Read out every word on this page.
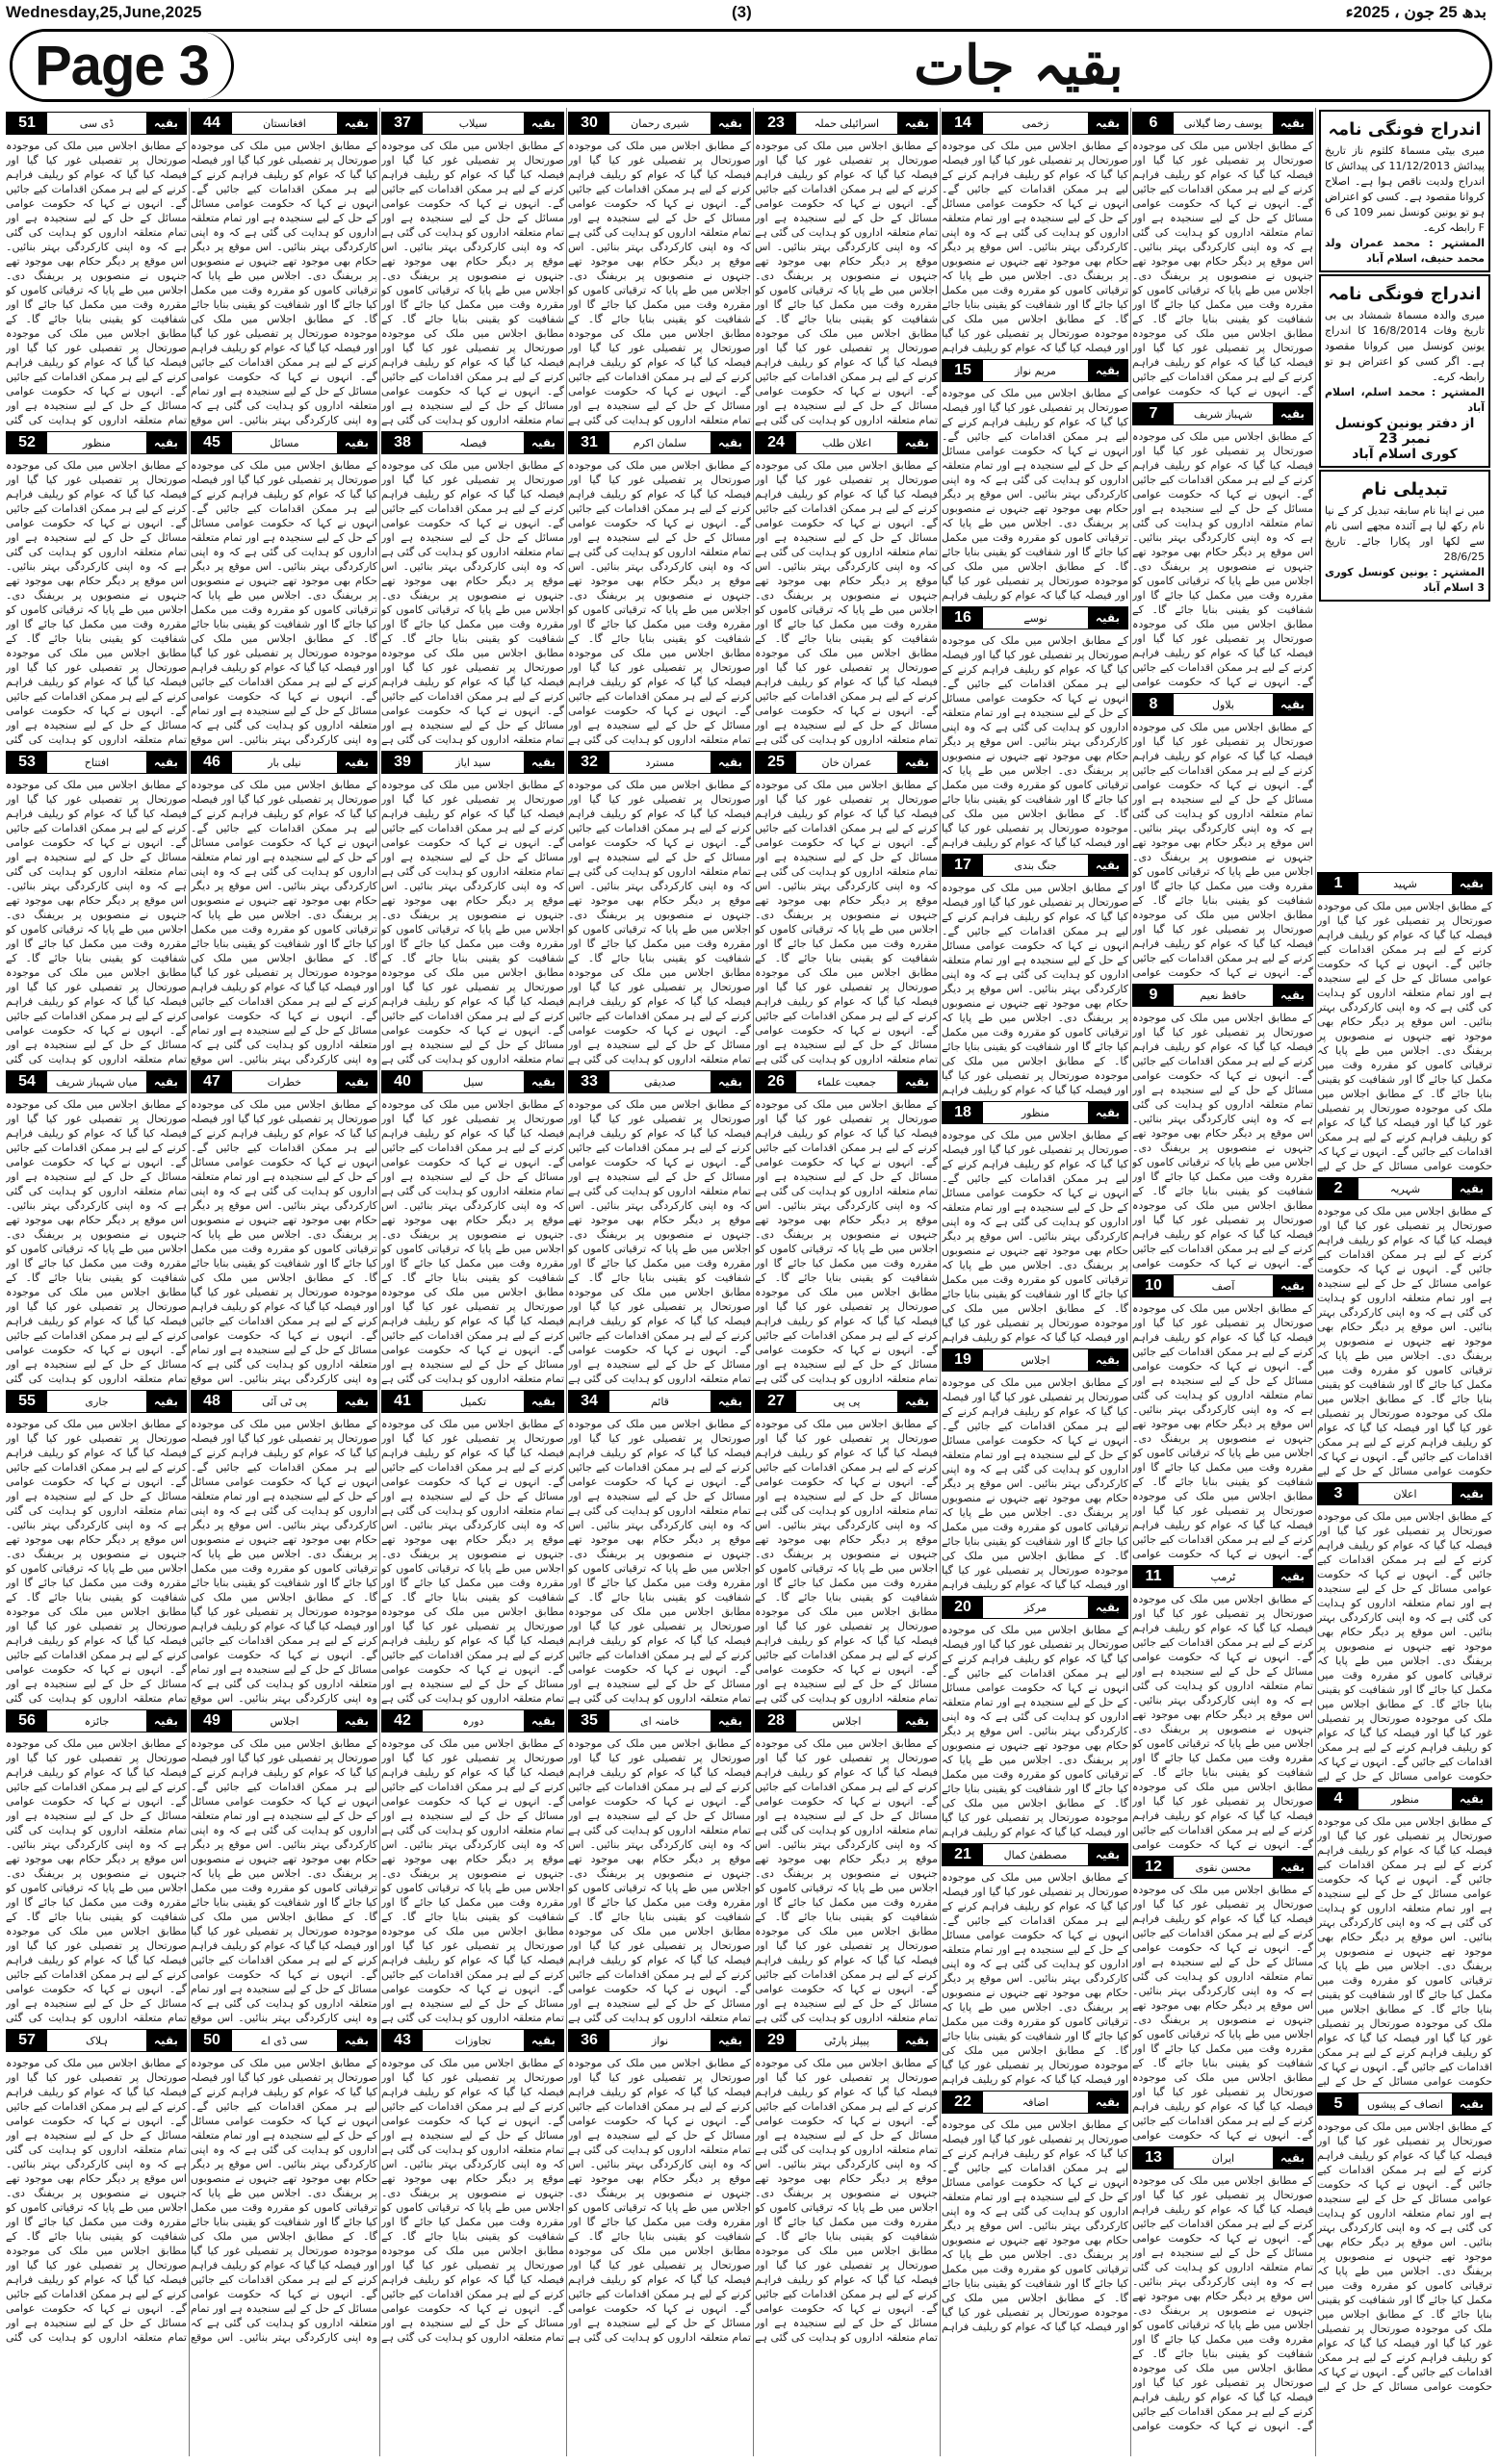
Wednesday,25,June,2025	(3)	بدھ 25 جون ، 2025ء
Page 3	بقیہ جات
اندراج فونگی نامہ

میری بیٹی مسماۃ کلثوم ناز تاریخ پیدائش 11/12/2013 کی پیدائش کا اندراج ولدیت ناقص ہوا ہے۔ اصلاح کروانا مقصود ہے۔ کسی کو اعتراض ہو تو یونین کونسل نمبر 109 کی 6 F رابطہ کرے۔

المشتہر : محمد عمران ولد محمد حنیف، اسلام آباد

اندراج فونگی نامہ

میری والدہ مسماۃ شمشاد بی بی تاریخ وفات 16/8/2014 کا اندراج یونین کونسل میں کروانا مقصود ہے۔ اگر کسی کو اعتراض ہو تو رابطہ کرے۔

المشتہر : محمد اسلم، اسلام آباد

از دفتر یونین کونسل نمبر 23

کوری اسلام آباد

تبدیلی نام

میں نے اپنا نام سابقہ تبدیل کر کے نیا نام رکھ لیا ہے آئندہ مجھے اسی نام سے لکھا اور پکارا جائے۔ تاریخ 28/6/25

المشتہر : یونین کونسل کوری 3 اسلام آباد

بقیہ
شہید
1
کے مطابق اجلاس میں ملک کی موجودہ صورتحال پر تفصیلی غور کیا گیا اور فیصلہ کیا گیا کہ عوام کو ریلیف فراہم کرنے کے لیے ہر ممکن اقدامات کیے جائیں گے۔ انہوں نے کہا کہ حکومت عوامی مسائل کے حل کے لیے سنجیدہ ہے اور تمام متعلقہ اداروں کو ہدایت کی گئی ہے کہ وہ اپنی کارکردگی بہتر بنائیں۔ اس موقع پر دیگر حکام بھی موجود تھے جنہوں نے منصوبوں پر بریفنگ دی۔ اجلاس میں طے پایا کہ ترقیاتی کاموں کو مقررہ وقت میں مکمل کیا جائے گا اور شفافیت کو یقینی بنایا جائے گا۔ کے مطابق اجلاس میں ملک کی موجودہ صورتحال پر تفصیلی غور کیا گیا اور فیصلہ کیا گیا کہ عوام کو ریلیف فراہم کرنے کے لیے ہر ممکن اقدامات کیے جائیں گے۔ انہوں نے کہا کہ حکومت عوامی مسائل کے حل کے لیے
بقیہ
شہریہ
2
کے مطابق اجلاس میں ملک کی موجودہ صورتحال پر تفصیلی غور کیا گیا اور فیصلہ کیا گیا کہ عوام کو ریلیف فراہم کرنے کے لیے ہر ممکن اقدامات کیے جائیں گے۔ انہوں نے کہا کہ حکومت عوامی مسائل کے حل کے لیے سنجیدہ ہے اور تمام متعلقہ اداروں کو ہدایت کی گئی ہے کہ وہ اپنی کارکردگی بہتر بنائیں۔ اس موقع پر دیگر حکام بھی موجود تھے جنہوں نے منصوبوں پر بریفنگ دی۔ اجلاس میں طے پایا کہ ترقیاتی کاموں کو مقررہ وقت میں مکمل کیا جائے گا اور شفافیت کو یقینی بنایا جائے گا۔ کے مطابق اجلاس میں ملک کی موجودہ صورتحال پر تفصیلی غور کیا گیا اور فیصلہ کیا گیا کہ عوام کو ریلیف فراہم کرنے کے لیے ہر ممکن اقدامات کیے جائیں گے۔ انہوں نے کہا کہ حکومت عوامی مسائل کے حل کے لیے
بقیہ
اعلان
3
کے مطابق اجلاس میں ملک کی موجودہ صورتحال پر تفصیلی غور کیا گیا اور فیصلہ کیا گیا کہ عوام کو ریلیف فراہم کرنے کے لیے ہر ممکن اقدامات کیے جائیں گے۔ انہوں نے کہا کہ حکومت عوامی مسائل کے حل کے لیے سنجیدہ ہے اور تمام متعلقہ اداروں کو ہدایت کی گئی ہے کہ وہ اپنی کارکردگی بہتر بنائیں۔ اس موقع پر دیگر حکام بھی موجود تھے جنہوں نے منصوبوں پر بریفنگ دی۔ اجلاس میں طے پایا کہ ترقیاتی کاموں کو مقررہ وقت میں مکمل کیا جائے گا اور شفافیت کو یقینی بنایا جائے گا۔ کے مطابق اجلاس میں ملک کی موجودہ صورتحال پر تفصیلی غور کیا گیا اور فیصلہ کیا گیا کہ عوام کو ریلیف فراہم کرنے کے لیے ہر ممکن اقدامات کیے جائیں گے۔ انہوں نے کہا کہ حکومت عوامی مسائل کے حل کے لیے
بقیہ
منظور
4
کے مطابق اجلاس میں ملک کی موجودہ صورتحال پر تفصیلی غور کیا گیا اور فیصلہ کیا گیا کہ عوام کو ریلیف فراہم کرنے کے لیے ہر ممکن اقدامات کیے جائیں گے۔ انہوں نے کہا کہ حکومت عوامی مسائل کے حل کے لیے سنجیدہ ہے اور تمام متعلقہ اداروں کو ہدایت کی گئی ہے کہ وہ اپنی کارکردگی بہتر بنائیں۔ اس موقع پر دیگر حکام بھی موجود تھے جنہوں نے منصوبوں پر بریفنگ دی۔ اجلاس میں طے پایا کہ ترقیاتی کاموں کو مقررہ وقت میں مکمل کیا جائے گا اور شفافیت کو یقینی بنایا جائے گا۔ کے مطابق اجلاس میں ملک کی موجودہ صورتحال پر تفصیلی غور کیا گیا اور فیصلہ کیا گیا کہ عوام کو ریلیف فراہم کرنے کے لیے ہر ممکن اقدامات کیے جائیں گے۔ انہوں نے کہا کہ حکومت عوامی مسائل کے حل کے لیے
بقیہ
انصاف کے پیشوں
5
کے مطابق اجلاس میں ملک کی موجودہ صورتحال پر تفصیلی غور کیا گیا اور فیصلہ کیا گیا کہ عوام کو ریلیف فراہم کرنے کے لیے ہر ممکن اقدامات کیے جائیں گے۔ انہوں نے کہا کہ حکومت عوامی مسائل کے حل کے لیے سنجیدہ ہے اور تمام متعلقہ اداروں کو ہدایت کی گئی ہے کہ وہ اپنی کارکردگی بہتر بنائیں۔ اس موقع پر دیگر حکام بھی موجود تھے جنہوں نے منصوبوں پر بریفنگ دی۔ اجلاس میں طے پایا کہ ترقیاتی کاموں کو مقررہ وقت میں مکمل کیا جائے گا اور شفافیت کو یقینی بنایا جائے گا۔ کے مطابق اجلاس میں ملک کی موجودہ صورتحال پر تفصیلی غور کیا گیا اور فیصلہ کیا گیا کہ عوام کو ریلیف فراہم کرنے کے لیے ہر ممکن اقدامات کیے جائیں گے۔ انہوں نے کہا کہ حکومت عوامی مسائل کے حل کے لیے
بقیہ
یوسف رضا گیلانی
6
کے مطابق اجلاس میں ملک کی موجودہ صورتحال پر تفصیلی غور کیا گیا اور فیصلہ کیا گیا کہ عوام کو ریلیف فراہم کرنے کے لیے ہر ممکن اقدامات کیے جائیں گے۔ انہوں نے کہا کہ حکومت عوامی مسائل کے حل کے لیے سنجیدہ ہے اور تمام متعلقہ اداروں کو ہدایت کی گئی ہے کہ وہ اپنی کارکردگی بہتر بنائیں۔ اس موقع پر دیگر حکام بھی موجود تھے جنہوں نے منصوبوں پر بریفنگ دی۔ اجلاس میں طے پایا کہ ترقیاتی کاموں کو مقررہ وقت میں مکمل کیا جائے گا اور شفافیت کو یقینی بنایا جائے گا۔ کے مطابق اجلاس میں ملک کی موجودہ صورتحال پر تفصیلی غور کیا گیا اور فیصلہ کیا گیا کہ عوام کو ریلیف فراہم کرنے کے لیے ہر ممکن اقدامات کیے جائیں گے۔ انہوں نے کہا کہ حکومت عوامی
بقیہ
شہباز شریف
7
کے مطابق اجلاس میں ملک کی موجودہ صورتحال پر تفصیلی غور کیا گیا اور فیصلہ کیا گیا کہ عوام کو ریلیف فراہم کرنے کے لیے ہر ممکن اقدامات کیے جائیں گے۔ انہوں نے کہا کہ حکومت عوامی مسائل کے حل کے لیے سنجیدہ ہے اور تمام متعلقہ اداروں کو ہدایت کی گئی ہے کہ وہ اپنی کارکردگی بہتر بنائیں۔ اس موقع پر دیگر حکام بھی موجود تھے جنہوں نے منصوبوں پر بریفنگ دی۔ اجلاس میں طے پایا کہ ترقیاتی کاموں کو مقررہ وقت میں مکمل کیا جائے گا اور شفافیت کو یقینی بنایا جائے گا۔ کے مطابق اجلاس میں ملک کی موجودہ صورتحال پر تفصیلی غور کیا گیا اور فیصلہ کیا گیا کہ عوام کو ریلیف فراہم کرنے کے لیے ہر ممکن اقدامات کیے جائیں گے۔ انہوں نے کہا کہ حکومت عوامی
بقیہ
بلاول
8
کے مطابق اجلاس میں ملک کی موجودہ صورتحال پر تفصیلی غور کیا گیا اور فیصلہ کیا گیا کہ عوام کو ریلیف فراہم کرنے کے لیے ہر ممکن اقدامات کیے جائیں گے۔ انہوں نے کہا کہ حکومت عوامی مسائل کے حل کے لیے سنجیدہ ہے اور تمام متعلقہ اداروں کو ہدایت کی گئی ہے کہ وہ اپنی کارکردگی بہتر بنائیں۔ اس موقع پر دیگر حکام بھی موجود تھے جنہوں نے منصوبوں پر بریفنگ دی۔ اجلاس میں طے پایا کہ ترقیاتی کاموں کو مقررہ وقت میں مکمل کیا جائے گا اور شفافیت کو یقینی بنایا جائے گا۔ کے مطابق اجلاس میں ملک کی موجودہ صورتحال پر تفصیلی غور کیا گیا اور فیصلہ کیا گیا کہ عوام کو ریلیف فراہم کرنے کے لیے ہر ممکن اقدامات کیے جائیں گے۔ انہوں نے کہا کہ حکومت عوامی
بقیہ
حافظ نعیم
9
کے مطابق اجلاس میں ملک کی موجودہ صورتحال پر تفصیلی غور کیا گیا اور فیصلہ کیا گیا کہ عوام کو ریلیف فراہم کرنے کے لیے ہر ممکن اقدامات کیے جائیں گے۔ انہوں نے کہا کہ حکومت عوامی مسائل کے حل کے لیے سنجیدہ ہے اور تمام متعلقہ اداروں کو ہدایت کی گئی ہے کہ وہ اپنی کارکردگی بہتر بنائیں۔ اس موقع پر دیگر حکام بھی موجود تھے جنہوں نے منصوبوں پر بریفنگ دی۔ اجلاس میں طے پایا کہ ترقیاتی کاموں کو مقررہ وقت میں مکمل کیا جائے گا اور شفافیت کو یقینی بنایا جائے گا۔ کے مطابق اجلاس میں ملک کی موجودہ صورتحال پر تفصیلی غور کیا گیا اور فیصلہ کیا گیا کہ عوام کو ریلیف فراہم کرنے کے لیے ہر ممکن اقدامات کیے جائیں گے۔ انہوں نے کہا کہ حکومت عوامی
بقیہ
آصف
10
کے مطابق اجلاس میں ملک کی موجودہ صورتحال پر تفصیلی غور کیا گیا اور فیصلہ کیا گیا کہ عوام کو ریلیف فراہم کرنے کے لیے ہر ممکن اقدامات کیے جائیں گے۔ انہوں نے کہا کہ حکومت عوامی مسائل کے حل کے لیے سنجیدہ ہے اور تمام متعلقہ اداروں کو ہدایت کی گئی ہے کہ وہ اپنی کارکردگی بہتر بنائیں۔ اس موقع پر دیگر حکام بھی موجود تھے جنہوں نے منصوبوں پر بریفنگ دی۔ اجلاس میں طے پایا کہ ترقیاتی کاموں کو مقررہ وقت میں مکمل کیا جائے گا اور شفافیت کو یقینی بنایا جائے گا۔ کے مطابق اجلاس میں ملک کی موجودہ صورتحال پر تفصیلی غور کیا گیا اور فیصلہ کیا گیا کہ عوام کو ریلیف فراہم کرنے کے لیے ہر ممکن اقدامات کیے جائیں گے۔ انہوں نے کہا کہ حکومت عوامی
بقیہ
ٹرمپ
11
کے مطابق اجلاس میں ملک کی موجودہ صورتحال پر تفصیلی غور کیا گیا اور فیصلہ کیا گیا کہ عوام کو ریلیف فراہم کرنے کے لیے ہر ممکن اقدامات کیے جائیں گے۔ انہوں نے کہا کہ حکومت عوامی مسائل کے حل کے لیے سنجیدہ ہے اور تمام متعلقہ اداروں کو ہدایت کی گئی ہے کہ وہ اپنی کارکردگی بہتر بنائیں۔ اس موقع پر دیگر حکام بھی موجود تھے جنہوں نے منصوبوں پر بریفنگ دی۔ اجلاس میں طے پایا کہ ترقیاتی کاموں کو مقررہ وقت میں مکمل کیا جائے گا اور شفافیت کو یقینی بنایا جائے گا۔ کے مطابق اجلاس میں ملک کی موجودہ صورتحال پر تفصیلی غور کیا گیا اور فیصلہ کیا گیا کہ عوام کو ریلیف فراہم کرنے کے لیے ہر ممکن اقدامات کیے جائیں گے۔ انہوں نے کہا کہ حکومت عوامی
بقیہ
محسن نقوی
12
کے مطابق اجلاس میں ملک کی موجودہ صورتحال پر تفصیلی غور کیا گیا اور فیصلہ کیا گیا کہ عوام کو ریلیف فراہم کرنے کے لیے ہر ممکن اقدامات کیے جائیں گے۔ انہوں نے کہا کہ حکومت عوامی مسائل کے حل کے لیے سنجیدہ ہے اور تمام متعلقہ اداروں کو ہدایت کی گئی ہے کہ وہ اپنی کارکردگی بہتر بنائیں۔ اس موقع پر دیگر حکام بھی موجود تھے جنہوں نے منصوبوں پر بریفنگ دی۔ اجلاس میں طے پایا کہ ترقیاتی کاموں کو مقررہ وقت میں مکمل کیا جائے گا اور شفافیت کو یقینی بنایا جائے گا۔ کے مطابق اجلاس میں ملک کی موجودہ صورتحال پر تفصیلی غور کیا گیا اور فیصلہ کیا گیا کہ عوام کو ریلیف فراہم کرنے کے لیے ہر ممکن اقدامات کیے جائیں گے۔ انہوں نے کہا کہ حکومت عوامی
بقیہ
ایران
13
کے مطابق اجلاس میں ملک کی موجودہ صورتحال پر تفصیلی غور کیا گیا اور فیصلہ کیا گیا کہ عوام کو ریلیف فراہم کرنے کے لیے ہر ممکن اقدامات کیے جائیں گے۔ انہوں نے کہا کہ حکومت عوامی مسائل کے حل کے لیے سنجیدہ ہے اور تمام متعلقہ اداروں کو ہدایت کی گئی ہے کہ وہ اپنی کارکردگی بہتر بنائیں۔ اس موقع پر دیگر حکام بھی موجود تھے جنہوں نے منصوبوں پر بریفنگ دی۔ اجلاس میں طے پایا کہ ترقیاتی کاموں کو مقررہ وقت میں مکمل کیا جائے گا اور شفافیت کو یقینی بنایا جائے گا۔ کے مطابق اجلاس میں ملک کی موجودہ صورتحال پر تفصیلی غور کیا گیا اور فیصلہ کیا گیا کہ عوام کو ریلیف فراہم کرنے کے لیے ہر ممکن اقدامات کیے جائیں گے۔ انہوں نے کہا کہ حکومت عوامی
بقیہ
زخمی
14
کے مطابق اجلاس میں ملک کی موجودہ صورتحال پر تفصیلی غور کیا گیا اور فیصلہ کیا گیا کہ عوام کو ریلیف فراہم کرنے کے لیے ہر ممکن اقدامات کیے جائیں گے۔ انہوں نے کہا کہ حکومت عوامی مسائل کے حل کے لیے سنجیدہ ہے اور تمام متعلقہ اداروں کو ہدایت کی گئی ہے کہ وہ اپنی کارکردگی بہتر بنائیں۔ اس موقع پر دیگر حکام بھی موجود تھے جنہوں نے منصوبوں پر بریفنگ دی۔ اجلاس میں طے پایا کہ ترقیاتی کاموں کو مقررہ وقت میں مکمل کیا جائے گا اور شفافیت کو یقینی بنایا جائے گا۔ کے مطابق اجلاس میں ملک کی موجودہ صورتحال پر تفصیلی غور کیا گیا اور فیصلہ کیا گیا کہ عوام کو ریلیف فراہم
بقیہ
مریم نواز
15
کے مطابق اجلاس میں ملک کی موجودہ صورتحال پر تفصیلی غور کیا گیا اور فیصلہ کیا گیا کہ عوام کو ریلیف فراہم کرنے کے لیے ہر ممکن اقدامات کیے جائیں گے۔ انہوں نے کہا کہ حکومت عوامی مسائل کے حل کے لیے سنجیدہ ہے اور تمام متعلقہ اداروں کو ہدایت کی گئی ہے کہ وہ اپنی کارکردگی بہتر بنائیں۔ اس موقع پر دیگر حکام بھی موجود تھے جنہوں نے منصوبوں پر بریفنگ دی۔ اجلاس میں طے پایا کہ ترقیاتی کاموں کو مقررہ وقت میں مکمل کیا جائے گا اور شفافیت کو یقینی بنایا جائے گا۔ کے مطابق اجلاس میں ملک کی موجودہ صورتحال پر تفصیلی غور کیا گیا اور فیصلہ کیا گیا کہ عوام کو ریلیف فراہم
بقیہ
نوسے
16
کے مطابق اجلاس میں ملک کی موجودہ صورتحال پر تفصیلی غور کیا گیا اور فیصلہ کیا گیا کہ عوام کو ریلیف فراہم کرنے کے لیے ہر ممکن اقدامات کیے جائیں گے۔ انہوں نے کہا کہ حکومت عوامی مسائل کے حل کے لیے سنجیدہ ہے اور تمام متعلقہ اداروں کو ہدایت کی گئی ہے کہ وہ اپنی کارکردگی بہتر بنائیں۔ اس موقع پر دیگر حکام بھی موجود تھے جنہوں نے منصوبوں پر بریفنگ دی۔ اجلاس میں طے پایا کہ ترقیاتی کاموں کو مقررہ وقت میں مکمل کیا جائے گا اور شفافیت کو یقینی بنایا جائے گا۔ کے مطابق اجلاس میں ملک کی موجودہ صورتحال پر تفصیلی غور کیا گیا اور فیصلہ کیا گیا کہ عوام کو ریلیف فراہم
بقیہ
جنگ بندی
17
کے مطابق اجلاس میں ملک کی موجودہ صورتحال پر تفصیلی غور کیا گیا اور فیصلہ کیا گیا کہ عوام کو ریلیف فراہم کرنے کے لیے ہر ممکن اقدامات کیے جائیں گے۔ انہوں نے کہا کہ حکومت عوامی مسائل کے حل کے لیے سنجیدہ ہے اور تمام متعلقہ اداروں کو ہدایت کی گئی ہے کہ وہ اپنی کارکردگی بہتر بنائیں۔ اس موقع پر دیگر حکام بھی موجود تھے جنہوں نے منصوبوں پر بریفنگ دی۔ اجلاس میں طے پایا کہ ترقیاتی کاموں کو مقررہ وقت میں مکمل کیا جائے گا اور شفافیت کو یقینی بنایا جائے گا۔ کے مطابق اجلاس میں ملک کی موجودہ صورتحال پر تفصیلی غور کیا گیا اور فیصلہ کیا گیا کہ عوام کو ریلیف فراہم
بقیہ
منظور
18
کے مطابق اجلاس میں ملک کی موجودہ صورتحال پر تفصیلی غور کیا گیا اور فیصلہ کیا گیا کہ عوام کو ریلیف فراہم کرنے کے لیے ہر ممکن اقدامات کیے جائیں گے۔ انہوں نے کہا کہ حکومت عوامی مسائل کے حل کے لیے سنجیدہ ہے اور تمام متعلقہ اداروں کو ہدایت کی گئی ہے کہ وہ اپنی کارکردگی بہتر بنائیں۔ اس موقع پر دیگر حکام بھی موجود تھے جنہوں نے منصوبوں پر بریفنگ دی۔ اجلاس میں طے پایا کہ ترقیاتی کاموں کو مقررہ وقت میں مکمل کیا جائے گا اور شفافیت کو یقینی بنایا جائے گا۔ کے مطابق اجلاس میں ملک کی موجودہ صورتحال پر تفصیلی غور کیا گیا اور فیصلہ کیا گیا کہ عوام کو ریلیف فراہم
بقیہ
اجلاس
19
کے مطابق اجلاس میں ملک کی موجودہ صورتحال پر تفصیلی غور کیا گیا اور فیصلہ کیا گیا کہ عوام کو ریلیف فراہم کرنے کے لیے ہر ممکن اقدامات کیے جائیں گے۔ انہوں نے کہا کہ حکومت عوامی مسائل کے حل کے لیے سنجیدہ ہے اور تمام متعلقہ اداروں کو ہدایت کی گئی ہے کہ وہ اپنی کارکردگی بہتر بنائیں۔ اس موقع پر دیگر حکام بھی موجود تھے جنہوں نے منصوبوں پر بریفنگ دی۔ اجلاس میں طے پایا کہ ترقیاتی کاموں کو مقررہ وقت میں مکمل کیا جائے گا اور شفافیت کو یقینی بنایا جائے گا۔ کے مطابق اجلاس میں ملک کی موجودہ صورتحال پر تفصیلی غور کیا گیا اور فیصلہ کیا گیا کہ عوام کو ریلیف فراہم
بقیہ
مرکز
20
کے مطابق اجلاس میں ملک کی موجودہ صورتحال پر تفصیلی غور کیا گیا اور فیصلہ کیا گیا کہ عوام کو ریلیف فراہم کرنے کے لیے ہر ممکن اقدامات کیے جائیں گے۔ انہوں نے کہا کہ حکومت عوامی مسائل کے حل کے لیے سنجیدہ ہے اور تمام متعلقہ اداروں کو ہدایت کی گئی ہے کہ وہ اپنی کارکردگی بہتر بنائیں۔ اس موقع پر دیگر حکام بھی موجود تھے جنہوں نے منصوبوں پر بریفنگ دی۔ اجلاس میں طے پایا کہ ترقیاتی کاموں کو مقررہ وقت میں مکمل کیا جائے گا اور شفافیت کو یقینی بنایا جائے گا۔ کے مطابق اجلاس میں ملک کی موجودہ صورتحال پر تفصیلی غور کیا گیا اور فیصلہ کیا گیا کہ عوام کو ریلیف فراہم
بقیہ
مصطفیٰ کمال
21
کے مطابق اجلاس میں ملک کی موجودہ صورتحال پر تفصیلی غور کیا گیا اور فیصلہ کیا گیا کہ عوام کو ریلیف فراہم کرنے کے لیے ہر ممکن اقدامات کیے جائیں گے۔ انہوں نے کہا کہ حکومت عوامی مسائل کے حل کے لیے سنجیدہ ہے اور تمام متعلقہ اداروں کو ہدایت کی گئی ہے کہ وہ اپنی کارکردگی بہتر بنائیں۔ اس موقع پر دیگر حکام بھی موجود تھے جنہوں نے منصوبوں پر بریفنگ دی۔ اجلاس میں طے پایا کہ ترقیاتی کاموں کو مقررہ وقت میں مکمل کیا جائے گا اور شفافیت کو یقینی بنایا جائے گا۔ کے مطابق اجلاس میں ملک کی موجودہ صورتحال پر تفصیلی غور کیا گیا اور فیصلہ کیا گیا کہ عوام کو ریلیف فراہم
بقیہ
اضافہ
22
کے مطابق اجلاس میں ملک کی موجودہ صورتحال پر تفصیلی غور کیا گیا اور فیصلہ کیا گیا کہ عوام کو ریلیف فراہم کرنے کے لیے ہر ممکن اقدامات کیے جائیں گے۔ انہوں نے کہا کہ حکومت عوامی مسائل کے حل کے لیے سنجیدہ ہے اور تمام متعلقہ اداروں کو ہدایت کی گئی ہے کہ وہ اپنی کارکردگی بہتر بنائیں۔ اس موقع پر دیگر حکام بھی موجود تھے جنہوں نے منصوبوں پر بریفنگ دی۔ اجلاس میں طے پایا کہ ترقیاتی کاموں کو مقررہ وقت میں مکمل کیا جائے گا اور شفافیت کو یقینی بنایا جائے گا۔ کے مطابق اجلاس میں ملک کی موجودہ صورتحال پر تفصیلی غور کیا گیا اور فیصلہ کیا گیا کہ عوام کو ریلیف فراہم
بقیہ
اسرائیلی حملہ
23
کے مطابق اجلاس میں ملک کی موجودہ صورتحال پر تفصیلی غور کیا گیا اور فیصلہ کیا گیا کہ عوام کو ریلیف فراہم کرنے کے لیے ہر ممکن اقدامات کیے جائیں گے۔ انہوں نے کہا کہ حکومت عوامی مسائل کے حل کے لیے سنجیدہ ہے اور تمام متعلقہ اداروں کو ہدایت کی گئی ہے کہ وہ اپنی کارکردگی بہتر بنائیں۔ اس موقع پر دیگر حکام بھی موجود تھے جنہوں نے منصوبوں پر بریفنگ دی۔ اجلاس میں طے پایا کہ ترقیاتی کاموں کو مقررہ وقت میں مکمل کیا جائے گا اور شفافیت کو یقینی بنایا جائے گا۔ کے مطابق اجلاس میں ملک کی موجودہ صورتحال پر تفصیلی غور کیا گیا اور فیصلہ کیا گیا کہ عوام کو ریلیف فراہم کرنے کے لیے ہر ممکن اقدامات کیے جائیں گے۔ انہوں نے کہا کہ حکومت عوامی مسائل کے حل کے لیے سنجیدہ ہے اور تمام متعلقہ اداروں کو ہدایت کی گئی ہے
بقیہ
اعلان طلب
24
کے مطابق اجلاس میں ملک کی موجودہ صورتحال پر تفصیلی غور کیا گیا اور فیصلہ کیا گیا کہ عوام کو ریلیف فراہم کرنے کے لیے ہر ممکن اقدامات کیے جائیں گے۔ انہوں نے کہا کہ حکومت عوامی مسائل کے حل کے لیے سنجیدہ ہے اور تمام متعلقہ اداروں کو ہدایت کی گئی ہے کہ وہ اپنی کارکردگی بہتر بنائیں۔ اس موقع پر دیگر حکام بھی موجود تھے جنہوں نے منصوبوں پر بریفنگ دی۔ اجلاس میں طے پایا کہ ترقیاتی کاموں کو مقررہ وقت میں مکمل کیا جائے گا اور شفافیت کو یقینی بنایا جائے گا۔ کے مطابق اجلاس میں ملک کی موجودہ صورتحال پر تفصیلی غور کیا گیا اور فیصلہ کیا گیا کہ عوام کو ریلیف فراہم کرنے کے لیے ہر ممکن اقدامات کیے جائیں گے۔ انہوں نے کہا کہ حکومت عوامی مسائل کے حل کے لیے سنجیدہ ہے اور تمام متعلقہ اداروں کو ہدایت کی گئی ہے
بقیہ
عمران خان
25
کے مطابق اجلاس میں ملک کی موجودہ صورتحال پر تفصیلی غور کیا گیا اور فیصلہ کیا گیا کہ عوام کو ریلیف فراہم کرنے کے لیے ہر ممکن اقدامات کیے جائیں گے۔ انہوں نے کہا کہ حکومت عوامی مسائل کے حل کے لیے سنجیدہ ہے اور تمام متعلقہ اداروں کو ہدایت کی گئی ہے کہ وہ اپنی کارکردگی بہتر بنائیں۔ اس موقع پر دیگر حکام بھی موجود تھے جنہوں نے منصوبوں پر بریفنگ دی۔ اجلاس میں طے پایا کہ ترقیاتی کاموں کو مقررہ وقت میں مکمل کیا جائے گا اور شفافیت کو یقینی بنایا جائے گا۔ کے مطابق اجلاس میں ملک کی موجودہ صورتحال پر تفصیلی غور کیا گیا اور فیصلہ کیا گیا کہ عوام کو ریلیف فراہم کرنے کے لیے ہر ممکن اقدامات کیے جائیں گے۔ انہوں نے کہا کہ حکومت عوامی مسائل کے حل کے لیے سنجیدہ ہے اور تمام متعلقہ اداروں کو ہدایت کی گئی ہے
بقیہ
جمعیت علماء
26
کے مطابق اجلاس میں ملک کی موجودہ صورتحال پر تفصیلی غور کیا گیا اور فیصلہ کیا گیا کہ عوام کو ریلیف فراہم کرنے کے لیے ہر ممکن اقدامات کیے جائیں گے۔ انہوں نے کہا کہ حکومت عوامی مسائل کے حل کے لیے سنجیدہ ہے اور تمام متعلقہ اداروں کو ہدایت کی گئی ہے کہ وہ اپنی کارکردگی بہتر بنائیں۔ اس موقع پر دیگر حکام بھی موجود تھے جنہوں نے منصوبوں پر بریفنگ دی۔ اجلاس میں طے پایا کہ ترقیاتی کاموں کو مقررہ وقت میں مکمل کیا جائے گا اور شفافیت کو یقینی بنایا جائے گا۔ کے مطابق اجلاس میں ملک کی موجودہ صورتحال پر تفصیلی غور کیا گیا اور فیصلہ کیا گیا کہ عوام کو ریلیف فراہم کرنے کے لیے ہر ممکن اقدامات کیے جائیں گے۔ انہوں نے کہا کہ حکومت عوامی مسائل کے حل کے لیے سنجیدہ ہے اور تمام متعلقہ اداروں کو ہدایت کی گئی ہے
بقیہ
پی پی
27
کے مطابق اجلاس میں ملک کی موجودہ صورتحال پر تفصیلی غور کیا گیا اور فیصلہ کیا گیا کہ عوام کو ریلیف فراہم کرنے کے لیے ہر ممکن اقدامات کیے جائیں گے۔ انہوں نے کہا کہ حکومت عوامی مسائل کے حل کے لیے سنجیدہ ہے اور تمام متعلقہ اداروں کو ہدایت کی گئی ہے کہ وہ اپنی کارکردگی بہتر بنائیں۔ اس موقع پر دیگر حکام بھی موجود تھے جنہوں نے منصوبوں پر بریفنگ دی۔ اجلاس میں طے پایا کہ ترقیاتی کاموں کو مقررہ وقت میں مکمل کیا جائے گا اور شفافیت کو یقینی بنایا جائے گا۔ کے مطابق اجلاس میں ملک کی موجودہ صورتحال پر تفصیلی غور کیا گیا اور فیصلہ کیا گیا کہ عوام کو ریلیف فراہم کرنے کے لیے ہر ممکن اقدامات کیے جائیں گے۔ انہوں نے کہا کہ حکومت عوامی مسائل کے حل کے لیے سنجیدہ ہے اور تمام متعلقہ اداروں کو ہدایت کی گئی ہے
بقیہ
اجلاس
28
کے مطابق اجلاس میں ملک کی موجودہ صورتحال پر تفصیلی غور کیا گیا اور فیصلہ کیا گیا کہ عوام کو ریلیف فراہم کرنے کے لیے ہر ممکن اقدامات کیے جائیں گے۔ انہوں نے کہا کہ حکومت عوامی مسائل کے حل کے لیے سنجیدہ ہے اور تمام متعلقہ اداروں کو ہدایت کی گئی ہے کہ وہ اپنی کارکردگی بہتر بنائیں۔ اس موقع پر دیگر حکام بھی موجود تھے جنہوں نے منصوبوں پر بریفنگ دی۔ اجلاس میں طے پایا کہ ترقیاتی کاموں کو مقررہ وقت میں مکمل کیا جائے گا اور شفافیت کو یقینی بنایا جائے گا۔ کے مطابق اجلاس میں ملک کی موجودہ صورتحال پر تفصیلی غور کیا گیا اور فیصلہ کیا گیا کہ عوام کو ریلیف فراہم کرنے کے لیے ہر ممکن اقدامات کیے جائیں گے۔ انہوں نے کہا کہ حکومت عوامی مسائل کے حل کے لیے سنجیدہ ہے اور تمام متعلقہ اداروں کو ہدایت کی گئی ہے
بقیہ
پیپلز پارٹی
29
کے مطابق اجلاس میں ملک کی موجودہ صورتحال پر تفصیلی غور کیا گیا اور فیصلہ کیا گیا کہ عوام کو ریلیف فراہم کرنے کے لیے ہر ممکن اقدامات کیے جائیں گے۔ انہوں نے کہا کہ حکومت عوامی مسائل کے حل کے لیے سنجیدہ ہے اور تمام متعلقہ اداروں کو ہدایت کی گئی ہے کہ وہ اپنی کارکردگی بہتر بنائیں۔ اس موقع پر دیگر حکام بھی موجود تھے جنہوں نے منصوبوں پر بریفنگ دی۔ اجلاس میں طے پایا کہ ترقیاتی کاموں کو مقررہ وقت میں مکمل کیا جائے گا اور شفافیت کو یقینی بنایا جائے گا۔ کے مطابق اجلاس میں ملک کی موجودہ صورتحال پر تفصیلی غور کیا گیا اور فیصلہ کیا گیا کہ عوام کو ریلیف فراہم کرنے کے لیے ہر ممکن اقدامات کیے جائیں گے۔ انہوں نے کہا کہ حکومت عوامی مسائل کے حل کے لیے سنجیدہ ہے اور تمام متعلقہ اداروں کو ہدایت کی گئی ہے
بقیہ
شیری رحمان
30
کے مطابق اجلاس میں ملک کی موجودہ صورتحال پر تفصیلی غور کیا گیا اور فیصلہ کیا گیا کہ عوام کو ریلیف فراہم کرنے کے لیے ہر ممکن اقدامات کیے جائیں گے۔ انہوں نے کہا کہ حکومت عوامی مسائل کے حل کے لیے سنجیدہ ہے اور تمام متعلقہ اداروں کو ہدایت کی گئی ہے کہ وہ اپنی کارکردگی بہتر بنائیں۔ اس موقع پر دیگر حکام بھی موجود تھے جنہوں نے منصوبوں پر بریفنگ دی۔ اجلاس میں طے پایا کہ ترقیاتی کاموں کو مقررہ وقت میں مکمل کیا جائے گا اور شفافیت کو یقینی بنایا جائے گا۔ کے مطابق اجلاس میں ملک کی موجودہ صورتحال پر تفصیلی غور کیا گیا اور فیصلہ کیا گیا کہ عوام کو ریلیف فراہم کرنے کے لیے ہر ممکن اقدامات کیے جائیں گے۔ انہوں نے کہا کہ حکومت عوامی مسائل کے حل کے لیے سنجیدہ ہے اور تمام متعلقہ اداروں کو ہدایت کی گئی ہے
بقیہ
سلمان اکرم
31
کے مطابق اجلاس میں ملک کی موجودہ صورتحال پر تفصیلی غور کیا گیا اور فیصلہ کیا گیا کہ عوام کو ریلیف فراہم کرنے کے لیے ہر ممکن اقدامات کیے جائیں گے۔ انہوں نے کہا کہ حکومت عوامی مسائل کے حل کے لیے سنجیدہ ہے اور تمام متعلقہ اداروں کو ہدایت کی گئی ہے کہ وہ اپنی کارکردگی بہتر بنائیں۔ اس موقع پر دیگر حکام بھی موجود تھے جنہوں نے منصوبوں پر بریفنگ دی۔ اجلاس میں طے پایا کہ ترقیاتی کاموں کو مقررہ وقت میں مکمل کیا جائے گا اور شفافیت کو یقینی بنایا جائے گا۔ کے مطابق اجلاس میں ملک کی موجودہ صورتحال پر تفصیلی غور کیا گیا اور فیصلہ کیا گیا کہ عوام کو ریلیف فراہم کرنے کے لیے ہر ممکن اقدامات کیے جائیں گے۔ انہوں نے کہا کہ حکومت عوامی مسائل کے حل کے لیے سنجیدہ ہے اور تمام متعلقہ اداروں کو ہدایت کی گئی ہے
بقیہ
مسترد
32
کے مطابق اجلاس میں ملک کی موجودہ صورتحال پر تفصیلی غور کیا گیا اور فیصلہ کیا گیا کہ عوام کو ریلیف فراہم کرنے کے لیے ہر ممکن اقدامات کیے جائیں گے۔ انہوں نے کہا کہ حکومت عوامی مسائل کے حل کے لیے سنجیدہ ہے اور تمام متعلقہ اداروں کو ہدایت کی گئی ہے کہ وہ اپنی کارکردگی بہتر بنائیں۔ اس موقع پر دیگر حکام بھی موجود تھے جنہوں نے منصوبوں پر بریفنگ دی۔ اجلاس میں طے پایا کہ ترقیاتی کاموں کو مقررہ وقت میں مکمل کیا جائے گا اور شفافیت کو یقینی بنایا جائے گا۔ کے مطابق اجلاس میں ملک کی موجودہ صورتحال پر تفصیلی غور کیا گیا اور فیصلہ کیا گیا کہ عوام کو ریلیف فراہم کرنے کے لیے ہر ممکن اقدامات کیے جائیں گے۔ انہوں نے کہا کہ حکومت عوامی مسائل کے حل کے لیے سنجیدہ ہے اور تمام متعلقہ اداروں کو ہدایت کی گئی ہے
بقیہ
صدیقی
33
کے مطابق اجلاس میں ملک کی موجودہ صورتحال پر تفصیلی غور کیا گیا اور فیصلہ کیا گیا کہ عوام کو ریلیف فراہم کرنے کے لیے ہر ممکن اقدامات کیے جائیں گے۔ انہوں نے کہا کہ حکومت عوامی مسائل کے حل کے لیے سنجیدہ ہے اور تمام متعلقہ اداروں کو ہدایت کی گئی ہے کہ وہ اپنی کارکردگی بہتر بنائیں۔ اس موقع پر دیگر حکام بھی موجود تھے جنہوں نے منصوبوں پر بریفنگ دی۔ اجلاس میں طے پایا کہ ترقیاتی کاموں کو مقررہ وقت میں مکمل کیا جائے گا اور شفافیت کو یقینی بنایا جائے گا۔ کے مطابق اجلاس میں ملک کی موجودہ صورتحال پر تفصیلی غور کیا گیا اور فیصلہ کیا گیا کہ عوام کو ریلیف فراہم کرنے کے لیے ہر ممکن اقدامات کیے جائیں گے۔ انہوں نے کہا کہ حکومت عوامی مسائل کے حل کے لیے سنجیدہ ہے اور تمام متعلقہ اداروں کو ہدایت کی گئی ہے
بقیہ
قائم
34
کے مطابق اجلاس میں ملک کی موجودہ صورتحال پر تفصیلی غور کیا گیا اور فیصلہ کیا گیا کہ عوام کو ریلیف فراہم کرنے کے لیے ہر ممکن اقدامات کیے جائیں گے۔ انہوں نے کہا کہ حکومت عوامی مسائل کے حل کے لیے سنجیدہ ہے اور تمام متعلقہ اداروں کو ہدایت کی گئی ہے کہ وہ اپنی کارکردگی بہتر بنائیں۔ اس موقع پر دیگر حکام بھی موجود تھے جنہوں نے منصوبوں پر بریفنگ دی۔ اجلاس میں طے پایا کہ ترقیاتی کاموں کو مقررہ وقت میں مکمل کیا جائے گا اور شفافیت کو یقینی بنایا جائے گا۔ کے مطابق اجلاس میں ملک کی موجودہ صورتحال پر تفصیلی غور کیا گیا اور فیصلہ کیا گیا کہ عوام کو ریلیف فراہم کرنے کے لیے ہر ممکن اقدامات کیے جائیں گے۔ انہوں نے کہا کہ حکومت عوامی مسائل کے حل کے لیے سنجیدہ ہے اور تمام متعلقہ اداروں کو ہدایت کی گئی ہے
بقیہ
خامنہ ای
35
کے مطابق اجلاس میں ملک کی موجودہ صورتحال پر تفصیلی غور کیا گیا اور فیصلہ کیا گیا کہ عوام کو ریلیف فراہم کرنے کے لیے ہر ممکن اقدامات کیے جائیں گے۔ انہوں نے کہا کہ حکومت عوامی مسائل کے حل کے لیے سنجیدہ ہے اور تمام متعلقہ اداروں کو ہدایت کی گئی ہے کہ وہ اپنی کارکردگی بہتر بنائیں۔ اس موقع پر دیگر حکام بھی موجود تھے جنہوں نے منصوبوں پر بریفنگ دی۔ اجلاس میں طے پایا کہ ترقیاتی کاموں کو مقررہ وقت میں مکمل کیا جائے گا اور شفافیت کو یقینی بنایا جائے گا۔ کے مطابق اجلاس میں ملک کی موجودہ صورتحال پر تفصیلی غور کیا گیا اور فیصلہ کیا گیا کہ عوام کو ریلیف فراہم کرنے کے لیے ہر ممکن اقدامات کیے جائیں گے۔ انہوں نے کہا کہ حکومت عوامی مسائل کے حل کے لیے سنجیدہ ہے اور تمام متعلقہ اداروں کو ہدایت کی گئی ہے
بقیہ
نواز
36
کے مطابق اجلاس میں ملک کی موجودہ صورتحال پر تفصیلی غور کیا گیا اور فیصلہ کیا گیا کہ عوام کو ریلیف فراہم کرنے کے لیے ہر ممکن اقدامات کیے جائیں گے۔ انہوں نے کہا کہ حکومت عوامی مسائل کے حل کے لیے سنجیدہ ہے اور تمام متعلقہ اداروں کو ہدایت کی گئی ہے کہ وہ اپنی کارکردگی بہتر بنائیں۔ اس موقع پر دیگر حکام بھی موجود تھے جنہوں نے منصوبوں پر بریفنگ دی۔ اجلاس میں طے پایا کہ ترقیاتی کاموں کو مقررہ وقت میں مکمل کیا جائے گا اور شفافیت کو یقینی بنایا جائے گا۔ کے مطابق اجلاس میں ملک کی موجودہ صورتحال پر تفصیلی غور کیا گیا اور فیصلہ کیا گیا کہ عوام کو ریلیف فراہم کرنے کے لیے ہر ممکن اقدامات کیے جائیں گے۔ انہوں نے کہا کہ حکومت عوامی مسائل کے حل کے لیے سنجیدہ ہے اور تمام متعلقہ اداروں کو ہدایت کی گئی ہے
بقیہ
سیلاب
37
کے مطابق اجلاس میں ملک کی موجودہ صورتحال پر تفصیلی غور کیا گیا اور فیصلہ کیا گیا کہ عوام کو ریلیف فراہم کرنے کے لیے ہر ممکن اقدامات کیے جائیں گے۔ انہوں نے کہا کہ حکومت عوامی مسائل کے حل کے لیے سنجیدہ ہے اور تمام متعلقہ اداروں کو ہدایت کی گئی ہے کہ وہ اپنی کارکردگی بہتر بنائیں۔ اس موقع پر دیگر حکام بھی موجود تھے جنہوں نے منصوبوں پر بریفنگ دی۔ اجلاس میں طے پایا کہ ترقیاتی کاموں کو مقررہ وقت میں مکمل کیا جائے گا اور شفافیت کو یقینی بنایا جائے گا۔ کے مطابق اجلاس میں ملک کی موجودہ صورتحال پر تفصیلی غور کیا گیا اور فیصلہ کیا گیا کہ عوام کو ریلیف فراہم کرنے کے لیے ہر ممکن اقدامات کیے جائیں گے۔ انہوں نے کہا کہ حکومت عوامی مسائل کے حل کے لیے سنجیدہ ہے اور تمام متعلقہ اداروں کو ہدایت کی گئی ہے
بقیہ
فیصلہ
38
کے مطابق اجلاس میں ملک کی موجودہ صورتحال پر تفصیلی غور کیا گیا اور فیصلہ کیا گیا کہ عوام کو ریلیف فراہم کرنے کے لیے ہر ممکن اقدامات کیے جائیں گے۔ انہوں نے کہا کہ حکومت عوامی مسائل کے حل کے لیے سنجیدہ ہے اور تمام متعلقہ اداروں کو ہدایت کی گئی ہے کہ وہ اپنی کارکردگی بہتر بنائیں۔ اس موقع پر دیگر حکام بھی موجود تھے جنہوں نے منصوبوں پر بریفنگ دی۔ اجلاس میں طے پایا کہ ترقیاتی کاموں کو مقررہ وقت میں مکمل کیا جائے گا اور شفافیت کو یقینی بنایا جائے گا۔ کے مطابق اجلاس میں ملک کی موجودہ صورتحال پر تفصیلی غور کیا گیا اور فیصلہ کیا گیا کہ عوام کو ریلیف فراہم کرنے کے لیے ہر ممکن اقدامات کیے جائیں گے۔ انہوں نے کہا کہ حکومت عوامی مسائل کے حل کے لیے سنجیدہ ہے اور تمام متعلقہ اداروں کو ہدایت کی گئی ہے
بقیہ
سید ایاز
39
کے مطابق اجلاس میں ملک کی موجودہ صورتحال پر تفصیلی غور کیا گیا اور فیصلہ کیا گیا کہ عوام کو ریلیف فراہم کرنے کے لیے ہر ممکن اقدامات کیے جائیں گے۔ انہوں نے کہا کہ حکومت عوامی مسائل کے حل کے لیے سنجیدہ ہے اور تمام متعلقہ اداروں کو ہدایت کی گئی ہے کہ وہ اپنی کارکردگی بہتر بنائیں۔ اس موقع پر دیگر حکام بھی موجود تھے جنہوں نے منصوبوں پر بریفنگ دی۔ اجلاس میں طے پایا کہ ترقیاتی کاموں کو مقررہ وقت میں مکمل کیا جائے گا اور شفافیت کو یقینی بنایا جائے گا۔ کے مطابق اجلاس میں ملک کی موجودہ صورتحال پر تفصیلی غور کیا گیا اور فیصلہ کیا گیا کہ عوام کو ریلیف فراہم کرنے کے لیے ہر ممکن اقدامات کیے جائیں گے۔ انہوں نے کہا کہ حکومت عوامی مسائل کے حل کے لیے سنجیدہ ہے اور تمام متعلقہ اداروں کو ہدایت کی گئی ہے
بقیہ
سیل
40
کے مطابق اجلاس میں ملک کی موجودہ صورتحال پر تفصیلی غور کیا گیا اور فیصلہ کیا گیا کہ عوام کو ریلیف فراہم کرنے کے لیے ہر ممکن اقدامات کیے جائیں گے۔ انہوں نے کہا کہ حکومت عوامی مسائل کے حل کے لیے سنجیدہ ہے اور تمام متعلقہ اداروں کو ہدایت کی گئی ہے کہ وہ اپنی کارکردگی بہتر بنائیں۔ اس موقع پر دیگر حکام بھی موجود تھے جنہوں نے منصوبوں پر بریفنگ دی۔ اجلاس میں طے پایا کہ ترقیاتی کاموں کو مقررہ وقت میں مکمل کیا جائے گا اور شفافیت کو یقینی بنایا جائے گا۔ کے مطابق اجلاس میں ملک کی موجودہ صورتحال پر تفصیلی غور کیا گیا اور فیصلہ کیا گیا کہ عوام کو ریلیف فراہم کرنے کے لیے ہر ممکن اقدامات کیے جائیں گے۔ انہوں نے کہا کہ حکومت عوامی مسائل کے حل کے لیے سنجیدہ ہے اور تمام متعلقہ اداروں کو ہدایت کی گئی ہے
بقیہ
تکمیل
41
کے مطابق اجلاس میں ملک کی موجودہ صورتحال پر تفصیلی غور کیا گیا اور فیصلہ کیا گیا کہ عوام کو ریلیف فراہم کرنے کے لیے ہر ممکن اقدامات کیے جائیں گے۔ انہوں نے کہا کہ حکومت عوامی مسائل کے حل کے لیے سنجیدہ ہے اور تمام متعلقہ اداروں کو ہدایت کی گئی ہے کہ وہ اپنی کارکردگی بہتر بنائیں۔ اس موقع پر دیگر حکام بھی موجود تھے جنہوں نے منصوبوں پر بریفنگ دی۔ اجلاس میں طے پایا کہ ترقیاتی کاموں کو مقررہ وقت میں مکمل کیا جائے گا اور شفافیت کو یقینی بنایا جائے گا۔ کے مطابق اجلاس میں ملک کی موجودہ صورتحال پر تفصیلی غور کیا گیا اور فیصلہ کیا گیا کہ عوام کو ریلیف فراہم کرنے کے لیے ہر ممکن اقدامات کیے جائیں گے۔ انہوں نے کہا کہ حکومت عوامی مسائل کے حل کے لیے سنجیدہ ہے اور تمام متعلقہ اداروں کو ہدایت کی گئی ہے
بقیہ
دورہ
42
کے مطابق اجلاس میں ملک کی موجودہ صورتحال پر تفصیلی غور کیا گیا اور فیصلہ کیا گیا کہ عوام کو ریلیف فراہم کرنے کے لیے ہر ممکن اقدامات کیے جائیں گے۔ انہوں نے کہا کہ حکومت عوامی مسائل کے حل کے لیے سنجیدہ ہے اور تمام متعلقہ اداروں کو ہدایت کی گئی ہے کہ وہ اپنی کارکردگی بہتر بنائیں۔ اس موقع پر دیگر حکام بھی موجود تھے جنہوں نے منصوبوں پر بریفنگ دی۔ اجلاس میں طے پایا کہ ترقیاتی کاموں کو مقررہ وقت میں مکمل کیا جائے گا اور شفافیت کو یقینی بنایا جائے گا۔ کے مطابق اجلاس میں ملک کی موجودہ صورتحال پر تفصیلی غور کیا گیا اور فیصلہ کیا گیا کہ عوام کو ریلیف فراہم کرنے کے لیے ہر ممکن اقدامات کیے جائیں گے۔ انہوں نے کہا کہ حکومت عوامی مسائل کے حل کے لیے سنجیدہ ہے اور تمام متعلقہ اداروں کو ہدایت کی گئی ہے
بقیہ
تجاوزات
43
کے مطابق اجلاس میں ملک کی موجودہ صورتحال پر تفصیلی غور کیا گیا اور فیصلہ کیا گیا کہ عوام کو ریلیف فراہم کرنے کے لیے ہر ممکن اقدامات کیے جائیں گے۔ انہوں نے کہا کہ حکومت عوامی مسائل کے حل کے لیے سنجیدہ ہے اور تمام متعلقہ اداروں کو ہدایت کی گئی ہے کہ وہ اپنی کارکردگی بہتر بنائیں۔ اس موقع پر دیگر حکام بھی موجود تھے جنہوں نے منصوبوں پر بریفنگ دی۔ اجلاس میں طے پایا کہ ترقیاتی کاموں کو مقررہ وقت میں مکمل کیا جائے گا اور شفافیت کو یقینی بنایا جائے گا۔ کے مطابق اجلاس میں ملک کی موجودہ صورتحال پر تفصیلی غور کیا گیا اور فیصلہ کیا گیا کہ عوام کو ریلیف فراہم کرنے کے لیے ہر ممکن اقدامات کیے جائیں گے۔ انہوں نے کہا کہ حکومت عوامی مسائل کے حل کے لیے سنجیدہ ہے اور تمام متعلقہ اداروں کو ہدایت کی گئی ہے
بقیہ
افغانستان
44
کے مطابق اجلاس میں ملک کی موجودہ صورتحال پر تفصیلی غور کیا گیا اور فیصلہ کیا گیا کہ عوام کو ریلیف فراہم کرنے کے لیے ہر ممکن اقدامات کیے جائیں گے۔ انہوں نے کہا کہ حکومت عوامی مسائل کے حل کے لیے سنجیدہ ہے اور تمام متعلقہ اداروں کو ہدایت کی گئی ہے کہ وہ اپنی کارکردگی بہتر بنائیں۔ اس موقع پر دیگر حکام بھی موجود تھے جنہوں نے منصوبوں پر بریفنگ دی۔ اجلاس میں طے پایا کہ ترقیاتی کاموں کو مقررہ وقت میں مکمل کیا جائے گا اور شفافیت کو یقینی بنایا جائے گا۔ کے مطابق اجلاس میں ملک کی موجودہ صورتحال پر تفصیلی غور کیا گیا اور فیصلہ کیا گیا کہ عوام کو ریلیف فراہم کرنے کے لیے ہر ممکن اقدامات کیے جائیں گے۔ انہوں نے کہا کہ حکومت عوامی مسائل کے حل کے لیے سنجیدہ ہے اور تمام متعلقہ اداروں کو ہدایت کی گئی ہے کہ وہ اپنی کارکردگی بہتر بنائیں۔ اس موقع
بقیہ
مسائل
45
کے مطابق اجلاس میں ملک کی موجودہ صورتحال پر تفصیلی غور کیا گیا اور فیصلہ کیا گیا کہ عوام کو ریلیف فراہم کرنے کے لیے ہر ممکن اقدامات کیے جائیں گے۔ انہوں نے کہا کہ حکومت عوامی مسائل کے حل کے لیے سنجیدہ ہے اور تمام متعلقہ اداروں کو ہدایت کی گئی ہے کہ وہ اپنی کارکردگی بہتر بنائیں۔ اس موقع پر دیگر حکام بھی موجود تھے جنہوں نے منصوبوں پر بریفنگ دی۔ اجلاس میں طے پایا کہ ترقیاتی کاموں کو مقررہ وقت میں مکمل کیا جائے گا اور شفافیت کو یقینی بنایا جائے گا۔ کے مطابق اجلاس میں ملک کی موجودہ صورتحال پر تفصیلی غور کیا گیا اور فیصلہ کیا گیا کہ عوام کو ریلیف فراہم کرنے کے لیے ہر ممکن اقدامات کیے جائیں گے۔ انہوں نے کہا کہ حکومت عوامی مسائل کے حل کے لیے سنجیدہ ہے اور تمام متعلقہ اداروں کو ہدایت کی گئی ہے کہ وہ اپنی کارکردگی بہتر بنائیں۔ اس موقع
بقیہ
نیلی بار
46
کے مطابق اجلاس میں ملک کی موجودہ صورتحال پر تفصیلی غور کیا گیا اور فیصلہ کیا گیا کہ عوام کو ریلیف فراہم کرنے کے لیے ہر ممکن اقدامات کیے جائیں گے۔ انہوں نے کہا کہ حکومت عوامی مسائل کے حل کے لیے سنجیدہ ہے اور تمام متعلقہ اداروں کو ہدایت کی گئی ہے کہ وہ اپنی کارکردگی بہتر بنائیں۔ اس موقع پر دیگر حکام بھی موجود تھے جنہوں نے منصوبوں پر بریفنگ دی۔ اجلاس میں طے پایا کہ ترقیاتی کاموں کو مقررہ وقت میں مکمل کیا جائے گا اور شفافیت کو یقینی بنایا جائے گا۔ کے مطابق اجلاس میں ملک کی موجودہ صورتحال پر تفصیلی غور کیا گیا اور فیصلہ کیا گیا کہ عوام کو ریلیف فراہم کرنے کے لیے ہر ممکن اقدامات کیے جائیں گے۔ انہوں نے کہا کہ حکومت عوامی مسائل کے حل کے لیے سنجیدہ ہے اور تمام متعلقہ اداروں کو ہدایت کی گئی ہے کہ وہ اپنی کارکردگی بہتر بنائیں۔ اس موقع
بقیہ
خطرات
47
کے مطابق اجلاس میں ملک کی موجودہ صورتحال پر تفصیلی غور کیا گیا اور فیصلہ کیا گیا کہ عوام کو ریلیف فراہم کرنے کے لیے ہر ممکن اقدامات کیے جائیں گے۔ انہوں نے کہا کہ حکومت عوامی مسائل کے حل کے لیے سنجیدہ ہے اور تمام متعلقہ اداروں کو ہدایت کی گئی ہے کہ وہ اپنی کارکردگی بہتر بنائیں۔ اس موقع پر دیگر حکام بھی موجود تھے جنہوں نے منصوبوں پر بریفنگ دی۔ اجلاس میں طے پایا کہ ترقیاتی کاموں کو مقررہ وقت میں مکمل کیا جائے گا اور شفافیت کو یقینی بنایا جائے گا۔ کے مطابق اجلاس میں ملک کی موجودہ صورتحال پر تفصیلی غور کیا گیا اور فیصلہ کیا گیا کہ عوام کو ریلیف فراہم کرنے کے لیے ہر ممکن اقدامات کیے جائیں گے۔ انہوں نے کہا کہ حکومت عوامی مسائل کے حل کے لیے سنجیدہ ہے اور تمام متعلقہ اداروں کو ہدایت کی گئی ہے کہ وہ اپنی کارکردگی بہتر بنائیں۔ اس موقع
بقیہ
پی ٹی آئی
48
کے مطابق اجلاس میں ملک کی موجودہ صورتحال پر تفصیلی غور کیا گیا اور فیصلہ کیا گیا کہ عوام کو ریلیف فراہم کرنے کے لیے ہر ممکن اقدامات کیے جائیں گے۔ انہوں نے کہا کہ حکومت عوامی مسائل کے حل کے لیے سنجیدہ ہے اور تمام متعلقہ اداروں کو ہدایت کی گئی ہے کہ وہ اپنی کارکردگی بہتر بنائیں۔ اس موقع پر دیگر حکام بھی موجود تھے جنہوں نے منصوبوں پر بریفنگ دی۔ اجلاس میں طے پایا کہ ترقیاتی کاموں کو مقررہ وقت میں مکمل کیا جائے گا اور شفافیت کو یقینی بنایا جائے گا۔ کے مطابق اجلاس میں ملک کی موجودہ صورتحال پر تفصیلی غور کیا گیا اور فیصلہ کیا گیا کہ عوام کو ریلیف فراہم کرنے کے لیے ہر ممکن اقدامات کیے جائیں گے۔ انہوں نے کہا کہ حکومت عوامی مسائل کے حل کے لیے سنجیدہ ہے اور تمام متعلقہ اداروں کو ہدایت کی گئی ہے کہ وہ اپنی کارکردگی بہتر بنائیں۔ اس موقع
بقیہ
اجلاس
49
کے مطابق اجلاس میں ملک کی موجودہ صورتحال پر تفصیلی غور کیا گیا اور فیصلہ کیا گیا کہ عوام کو ریلیف فراہم کرنے کے لیے ہر ممکن اقدامات کیے جائیں گے۔ انہوں نے کہا کہ حکومت عوامی مسائل کے حل کے لیے سنجیدہ ہے اور تمام متعلقہ اداروں کو ہدایت کی گئی ہے کہ وہ اپنی کارکردگی بہتر بنائیں۔ اس موقع پر دیگر حکام بھی موجود تھے جنہوں نے منصوبوں پر بریفنگ دی۔ اجلاس میں طے پایا کہ ترقیاتی کاموں کو مقررہ وقت میں مکمل کیا جائے گا اور شفافیت کو یقینی بنایا جائے گا۔ کے مطابق اجلاس میں ملک کی موجودہ صورتحال پر تفصیلی غور کیا گیا اور فیصلہ کیا گیا کہ عوام کو ریلیف فراہم کرنے کے لیے ہر ممکن اقدامات کیے جائیں گے۔ انہوں نے کہا کہ حکومت عوامی مسائل کے حل کے لیے سنجیدہ ہے اور تمام متعلقہ اداروں کو ہدایت کی گئی ہے کہ وہ اپنی کارکردگی بہتر بنائیں۔ اس موقع
بقیہ
سی ڈی اے
50
کے مطابق اجلاس میں ملک کی موجودہ صورتحال پر تفصیلی غور کیا گیا اور فیصلہ کیا گیا کہ عوام کو ریلیف فراہم کرنے کے لیے ہر ممکن اقدامات کیے جائیں گے۔ انہوں نے کہا کہ حکومت عوامی مسائل کے حل کے لیے سنجیدہ ہے اور تمام متعلقہ اداروں کو ہدایت کی گئی ہے کہ وہ اپنی کارکردگی بہتر بنائیں۔ اس موقع پر دیگر حکام بھی موجود تھے جنہوں نے منصوبوں پر بریفنگ دی۔ اجلاس میں طے پایا کہ ترقیاتی کاموں کو مقررہ وقت میں مکمل کیا جائے گا اور شفافیت کو یقینی بنایا جائے گا۔ کے مطابق اجلاس میں ملک کی موجودہ صورتحال پر تفصیلی غور کیا گیا اور فیصلہ کیا گیا کہ عوام کو ریلیف فراہم کرنے کے لیے ہر ممکن اقدامات کیے جائیں گے۔ انہوں نے کہا کہ حکومت عوامی مسائل کے حل کے لیے سنجیدہ ہے اور تمام متعلقہ اداروں کو ہدایت کی گئی ہے کہ وہ اپنی کارکردگی بہتر بنائیں۔ اس موقع
بقیہ
ڈی سی
51
کے مطابق اجلاس میں ملک کی موجودہ صورتحال پر تفصیلی غور کیا گیا اور فیصلہ کیا گیا کہ عوام کو ریلیف فراہم کرنے کے لیے ہر ممکن اقدامات کیے جائیں گے۔ انہوں نے کہا کہ حکومت عوامی مسائل کے حل کے لیے سنجیدہ ہے اور تمام متعلقہ اداروں کو ہدایت کی گئی ہے کہ وہ اپنی کارکردگی بہتر بنائیں۔ اس موقع پر دیگر حکام بھی موجود تھے جنہوں نے منصوبوں پر بریفنگ دی۔ اجلاس میں طے پایا کہ ترقیاتی کاموں کو مقررہ وقت میں مکمل کیا جائے گا اور شفافیت کو یقینی بنایا جائے گا۔ کے مطابق اجلاس میں ملک کی موجودہ صورتحال پر تفصیلی غور کیا گیا اور فیصلہ کیا گیا کہ عوام کو ریلیف فراہم کرنے کے لیے ہر ممکن اقدامات کیے جائیں گے۔ انہوں نے کہا کہ حکومت عوامی مسائل کے حل کے لیے سنجیدہ ہے اور تمام متعلقہ اداروں کو ہدایت کی گئی
بقیہ
منظور
52
کے مطابق اجلاس میں ملک کی موجودہ صورتحال پر تفصیلی غور کیا گیا اور فیصلہ کیا گیا کہ عوام کو ریلیف فراہم کرنے کے لیے ہر ممکن اقدامات کیے جائیں گے۔ انہوں نے کہا کہ حکومت عوامی مسائل کے حل کے لیے سنجیدہ ہے اور تمام متعلقہ اداروں کو ہدایت کی گئی ہے کہ وہ اپنی کارکردگی بہتر بنائیں۔ اس موقع پر دیگر حکام بھی موجود تھے جنہوں نے منصوبوں پر بریفنگ دی۔ اجلاس میں طے پایا کہ ترقیاتی کاموں کو مقررہ وقت میں مکمل کیا جائے گا اور شفافیت کو یقینی بنایا جائے گا۔ کے مطابق اجلاس میں ملک کی موجودہ صورتحال پر تفصیلی غور کیا گیا اور فیصلہ کیا گیا کہ عوام کو ریلیف فراہم کرنے کے لیے ہر ممکن اقدامات کیے جائیں گے۔ انہوں نے کہا کہ حکومت عوامی مسائل کے حل کے لیے سنجیدہ ہے اور تمام متعلقہ اداروں کو ہدایت کی گئی
بقیہ
افتتاح
53
کے مطابق اجلاس میں ملک کی موجودہ صورتحال پر تفصیلی غور کیا گیا اور فیصلہ کیا گیا کہ عوام کو ریلیف فراہم کرنے کے لیے ہر ممکن اقدامات کیے جائیں گے۔ انہوں نے کہا کہ حکومت عوامی مسائل کے حل کے لیے سنجیدہ ہے اور تمام متعلقہ اداروں کو ہدایت کی گئی ہے کہ وہ اپنی کارکردگی بہتر بنائیں۔ اس موقع پر دیگر حکام بھی موجود تھے جنہوں نے منصوبوں پر بریفنگ دی۔ اجلاس میں طے پایا کہ ترقیاتی کاموں کو مقررہ وقت میں مکمل کیا جائے گا اور شفافیت کو یقینی بنایا جائے گا۔ کے مطابق اجلاس میں ملک کی موجودہ صورتحال پر تفصیلی غور کیا گیا اور فیصلہ کیا گیا کہ عوام کو ریلیف فراہم کرنے کے لیے ہر ممکن اقدامات کیے جائیں گے۔ انہوں نے کہا کہ حکومت عوامی مسائل کے حل کے لیے سنجیدہ ہے اور تمام متعلقہ اداروں کو ہدایت کی گئی
بقیہ
میاں شہباز شریف
54
کے مطابق اجلاس میں ملک کی موجودہ صورتحال پر تفصیلی غور کیا گیا اور فیصلہ کیا گیا کہ عوام کو ریلیف فراہم کرنے کے لیے ہر ممکن اقدامات کیے جائیں گے۔ انہوں نے کہا کہ حکومت عوامی مسائل کے حل کے لیے سنجیدہ ہے اور تمام متعلقہ اداروں کو ہدایت کی گئی ہے کہ وہ اپنی کارکردگی بہتر بنائیں۔ اس موقع پر دیگر حکام بھی موجود تھے جنہوں نے منصوبوں پر بریفنگ دی۔ اجلاس میں طے پایا کہ ترقیاتی کاموں کو مقررہ وقت میں مکمل کیا جائے گا اور شفافیت کو یقینی بنایا جائے گا۔ کے مطابق اجلاس میں ملک کی موجودہ صورتحال پر تفصیلی غور کیا گیا اور فیصلہ کیا گیا کہ عوام کو ریلیف فراہم کرنے کے لیے ہر ممکن اقدامات کیے جائیں گے۔ انہوں نے کہا کہ حکومت عوامی مسائل کے حل کے لیے سنجیدہ ہے اور تمام متعلقہ اداروں کو ہدایت کی گئی
بقیہ
جاری
55
کے مطابق اجلاس میں ملک کی موجودہ صورتحال پر تفصیلی غور کیا گیا اور فیصلہ کیا گیا کہ عوام کو ریلیف فراہم کرنے کے لیے ہر ممکن اقدامات کیے جائیں گے۔ انہوں نے کہا کہ حکومت عوامی مسائل کے حل کے لیے سنجیدہ ہے اور تمام متعلقہ اداروں کو ہدایت کی گئی ہے کہ وہ اپنی کارکردگی بہتر بنائیں۔ اس موقع پر دیگر حکام بھی موجود تھے جنہوں نے منصوبوں پر بریفنگ دی۔ اجلاس میں طے پایا کہ ترقیاتی کاموں کو مقررہ وقت میں مکمل کیا جائے گا اور شفافیت کو یقینی بنایا جائے گا۔ کے مطابق اجلاس میں ملک کی موجودہ صورتحال پر تفصیلی غور کیا گیا اور فیصلہ کیا گیا کہ عوام کو ریلیف فراہم کرنے کے لیے ہر ممکن اقدامات کیے جائیں گے۔ انہوں نے کہا کہ حکومت عوامی مسائل کے حل کے لیے سنجیدہ ہے اور تمام متعلقہ اداروں کو ہدایت کی گئی
بقیہ
جائزہ
56
کے مطابق اجلاس میں ملک کی موجودہ صورتحال پر تفصیلی غور کیا گیا اور فیصلہ کیا گیا کہ عوام کو ریلیف فراہم کرنے کے لیے ہر ممکن اقدامات کیے جائیں گے۔ انہوں نے کہا کہ حکومت عوامی مسائل کے حل کے لیے سنجیدہ ہے اور تمام متعلقہ اداروں کو ہدایت کی گئی ہے کہ وہ اپنی کارکردگی بہتر بنائیں۔ اس موقع پر دیگر حکام بھی موجود تھے جنہوں نے منصوبوں پر بریفنگ دی۔ اجلاس میں طے پایا کہ ترقیاتی کاموں کو مقررہ وقت میں مکمل کیا جائے گا اور شفافیت کو یقینی بنایا جائے گا۔ کے مطابق اجلاس میں ملک کی موجودہ صورتحال پر تفصیلی غور کیا گیا اور فیصلہ کیا گیا کہ عوام کو ریلیف فراہم کرنے کے لیے ہر ممکن اقدامات کیے جائیں گے۔ انہوں نے کہا کہ حکومت عوامی مسائل کے حل کے لیے سنجیدہ ہے اور تمام متعلقہ اداروں کو ہدایت کی گئی
بقیہ
ہلاک
57
کے مطابق اجلاس میں ملک کی موجودہ صورتحال پر تفصیلی غور کیا گیا اور فیصلہ کیا گیا کہ عوام کو ریلیف فراہم کرنے کے لیے ہر ممکن اقدامات کیے جائیں گے۔ انہوں نے کہا کہ حکومت عوامی مسائل کے حل کے لیے سنجیدہ ہے اور تمام متعلقہ اداروں کو ہدایت کی گئی ہے کہ وہ اپنی کارکردگی بہتر بنائیں۔ اس موقع پر دیگر حکام بھی موجود تھے جنہوں نے منصوبوں پر بریفنگ دی۔ اجلاس میں طے پایا کہ ترقیاتی کاموں کو مقررہ وقت میں مکمل کیا جائے گا اور شفافیت کو یقینی بنایا جائے گا۔ کے مطابق اجلاس میں ملک کی موجودہ صورتحال پر تفصیلی غور کیا گیا اور فیصلہ کیا گیا کہ عوام کو ریلیف فراہم کرنے کے لیے ہر ممکن اقدامات کیے جائیں گے۔ انہوں نے کہا کہ حکومت عوامی مسائل کے حل کے لیے سنجیدہ ہے اور تمام متعلقہ اداروں کو ہدایت کی گئی
